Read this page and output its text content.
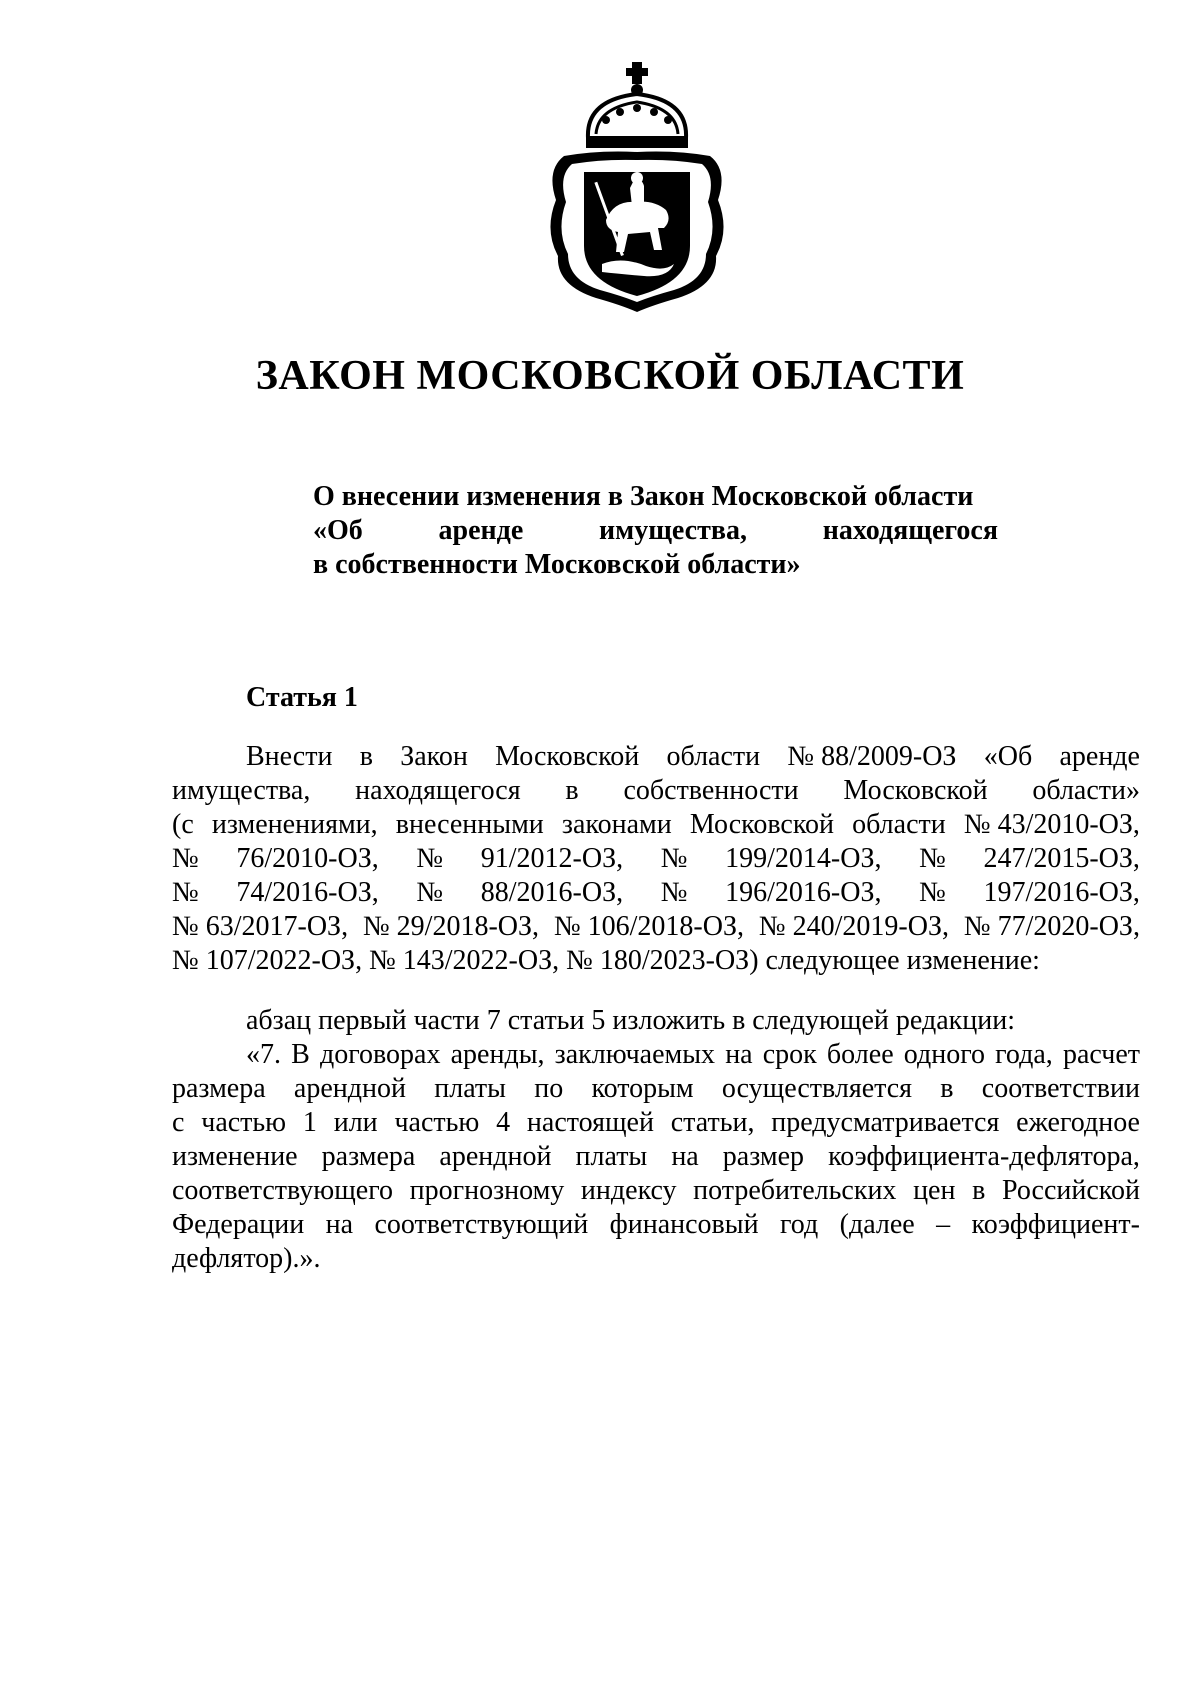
ЗАКОН МОСКОВСКОЙ ОБЛАСТИ
О внесении изменения в Закон Московской области
«Об	аренде	имущества,	находящегося
в собственности Московской области»
Статья 1
Внести в Закон Московской области № 88/2009-ОЗ «Об аренде
имущества, находящегося в собственности Московской области»
(с изменениями, внесенными законами Московской области № 43/2010-ОЗ,
№ 76/2010-ОЗ, № 91/2012-ОЗ, № 199/2014-ОЗ, № 247/2015-ОЗ,
№ 74/2016-ОЗ, № 88/2016-ОЗ, № 196/2016-ОЗ, № 197/2016-ОЗ,
№ 63/2017-ОЗ, № 29/2018-ОЗ, № 106/2018-ОЗ, № 240/2019-ОЗ, № 77/2020-ОЗ,
№ 107/2022-ОЗ, № 143/2022-ОЗ, № 180/2023-ОЗ) следующее изменение:
абзац первый части 7 статьи 5 изложить в следующей редакции:
«7. В договорах аренды, заключаемых на срок более одного года, расчет
размера арендной платы по которым осуществляется в соответствии
с частью 1 или частью 4 настоящей статьи, предусматривается ежегодное
изменение размера арендной платы на размер коэффициента-дефлятора,
соответствующего прогнозному индексу потребительских цен в Российской
Федерации на соответствующий финансовый год (далее – коэффициент-
дефлятор).».
